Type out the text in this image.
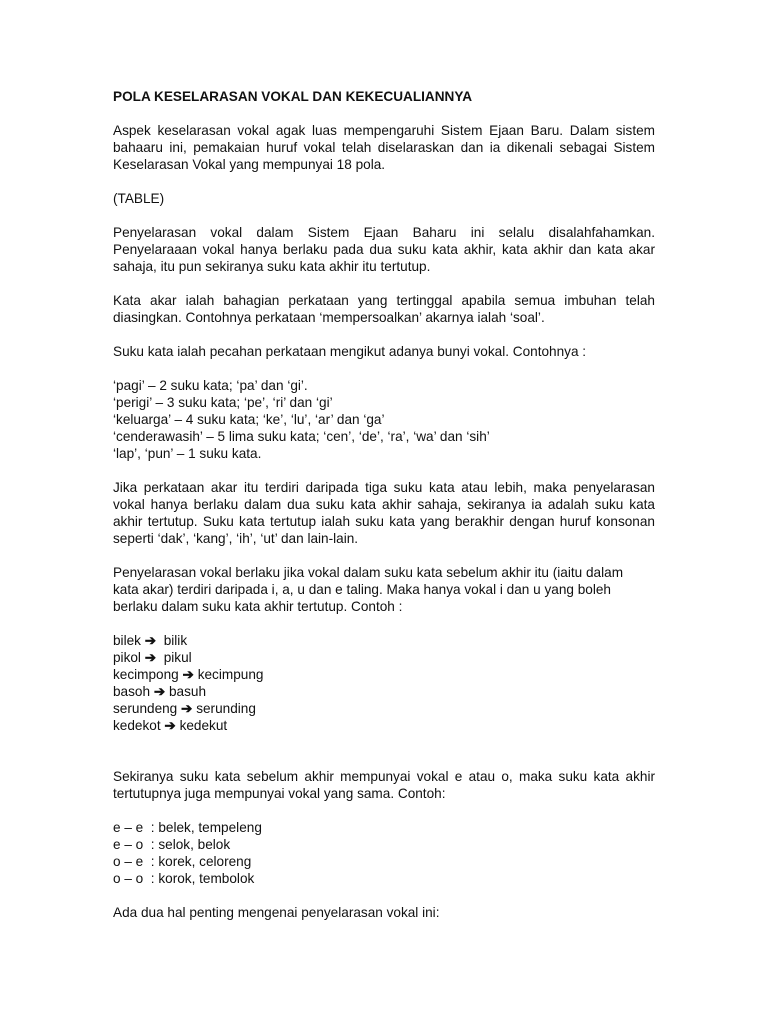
POLA KESELARASAN VOKAL DAN KEKECUALIANNYA

Aspek keselarasan vokal agak luas mempengaruhi Sistem Ejaan Baru. Dalam sistem bahaaru ini, pemakaian huruf vokal telah diselaraskan dan ia dikenali sebagai Sistem Keselarasan Vokal yang mempunyai 18 pola.

(TABLE)

Penyelarasan vokal dalam Sistem Ejaan Baharu ini selalu disalahfahamkan. Penyelaraaan vokal hanya berlaku pada dua suku kata akhir, kata akhir dan kata akar sahaja, itu pun sekiranya suku kata akhir itu tertutup.

Kata akar ialah bahagian perkataan yang tertinggal apabila semua imbuhan telah diasingkan. Contohnya perkataan ‘mempersoalkan’ akarnya ialah ‘soal’.

Suku kata ialah pecahan perkataan mengikut adanya bunyi vokal. Contohnya :

‘pagi’ – 2 suku kata; ‘pa’ dan ‘gi’.
‘perigi’ – 3 suku kata; ‘pe’, ‘ri’ dan ‘gi’
‘keluarga’ – 4 suku kata; ‘ke’, ‘lu’, ‘ar’ dan ‘ga’
‘cenderawasih’ – 5 lima suku kata; ‘cen’, ‘de’, ‘ra’, ‘wa’ dan ‘sih’
‘lap’, ‘pun’ – 1 suku kata.

Jika perkataan akar itu terdiri daripada tiga suku kata atau lebih, maka penyelarasan vokal hanya berlaku dalam dua suku kata akhir sahaja, sekiranya ia adalah suku kata akhir tertutup. Suku kata tertutup ialah suku kata yang berakhir dengan huruf konsonan seperti ‘dak’, ‘kang’, ‘ih’, ‘ut’ dan lain-lain.

Penyelarasan vokal berlaku jika vokal dalam suku kata sebelum akhir itu (iaitu dalam
kata akar) terdiri daripada i, a, u dan e taling. Maka hanya vokal i dan u yang boleh
berlaku dalam suku kata akhir tertutup. Contoh :
bilek ➔ bilik
pikol ➔ pikul
kecimpong ➔ kecimpung
basoh ➔ basuh
serundeng ➔ serunding
kedekot ➔ kedekut

Sekiranya suku kata sebelum akhir mempunyai vokal e atau o, maka suku kata akhir tertutupnya juga mempunyai vokal yang sama. Contoh:

e – e : belek, tempeleng
e – o : selok, belok
o – e : korek, celoreng
o – o : korok, tembolok

Ada dua hal penting mengenai penyelarasan vokal ini:
